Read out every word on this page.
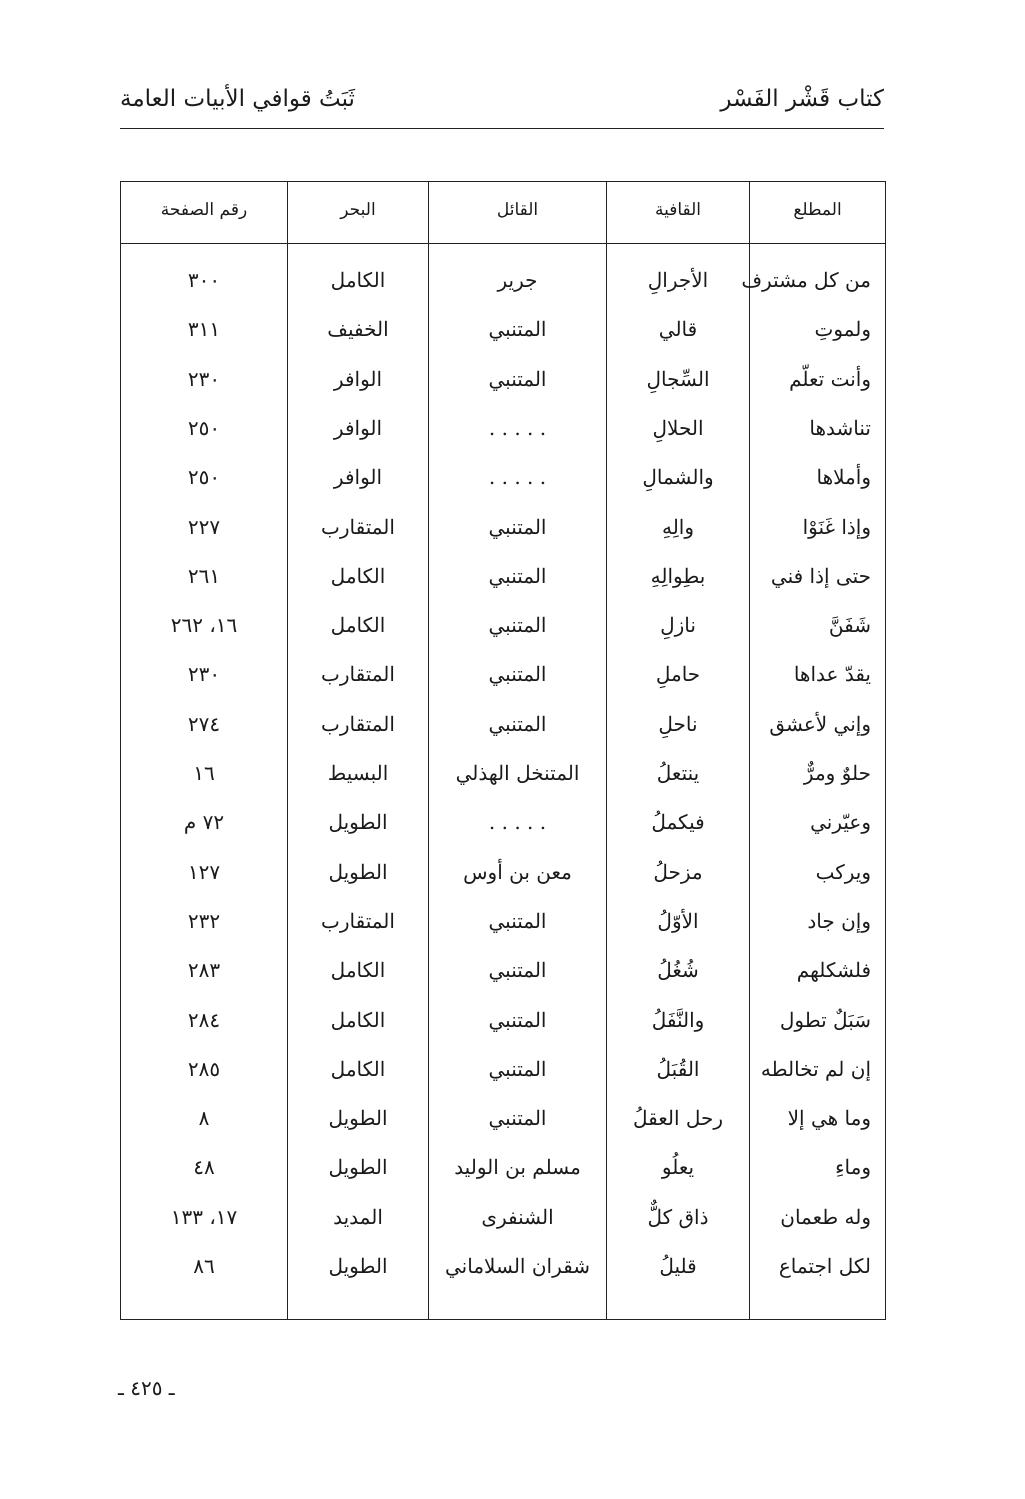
كتاب قَشْر الفَسْر
ثَبَتُ قوافي الأبيات العامة
المطلع
القافية
القائل
البحر
رقم الصفحة
من كل مشترف
الأجرالِ
جرير
الكامل
٣٠٠
ولموتِ
قالي
المتنبي
الخفيف
٣١١
وأنت تعلّم
السِّجالِ
المتنبي
الوافر
٢٣٠
تناشدها
الحلالِ
. . . . .
الوافر
٢٥٠
وأملاها
والشمالِ
. . . . .
الوافر
٢٥٠
وإذا غَنَوْا
والِهِ
المتنبي
المتقارب
٢٢٧
حتى إذا فني
بطِوالِهِ
المتنبي
الكامل
٢٦١
شَفَنَّ
نازلِ
المتنبي
الكامل
١٦، ٢٦٢
يقدّ عداها
حاملِ
المتنبي
المتقارب
٢٣٠
وإني لأعشق
ناحلِ
المتنبي
المتقارب
٢٧٤
حلوٌ ومرٌّ
ينتعلُ
المتنخل الهذلي
البسيط
١٦
وعيّرني
فيكملُ
. . . . .
الطويل
٧٢ م
ويركب
مزحلُ
معن بن أوس
الطويل
١٢٧
وإن جاد
الأوّلُ
المتنبي
المتقارب
٢٣٢
فلشكلهم
شُغُلُ
المتنبي
الكامل
٢٨٣
سَبَلٌ تطول
والنَّفَلُ
المتنبي
الكامل
٢٨٤
إن لم تخالطه
القُبَلُ
المتنبي
الكامل
٢٨٥
وما هي إلا
رحل العقلُ
المتنبي
الطويل
٨
وماءِ
يعلُو
مسلم بن الوليد
الطويل
٤٨
وله طعمان
ذاق كلٌّ
الشنفرى
المديد
١٧، ١٣٣
لكل اجتماع
قليلُ
شقران السلاماني
الطويل
٨٦
ـ ٤٢٥ ـ
